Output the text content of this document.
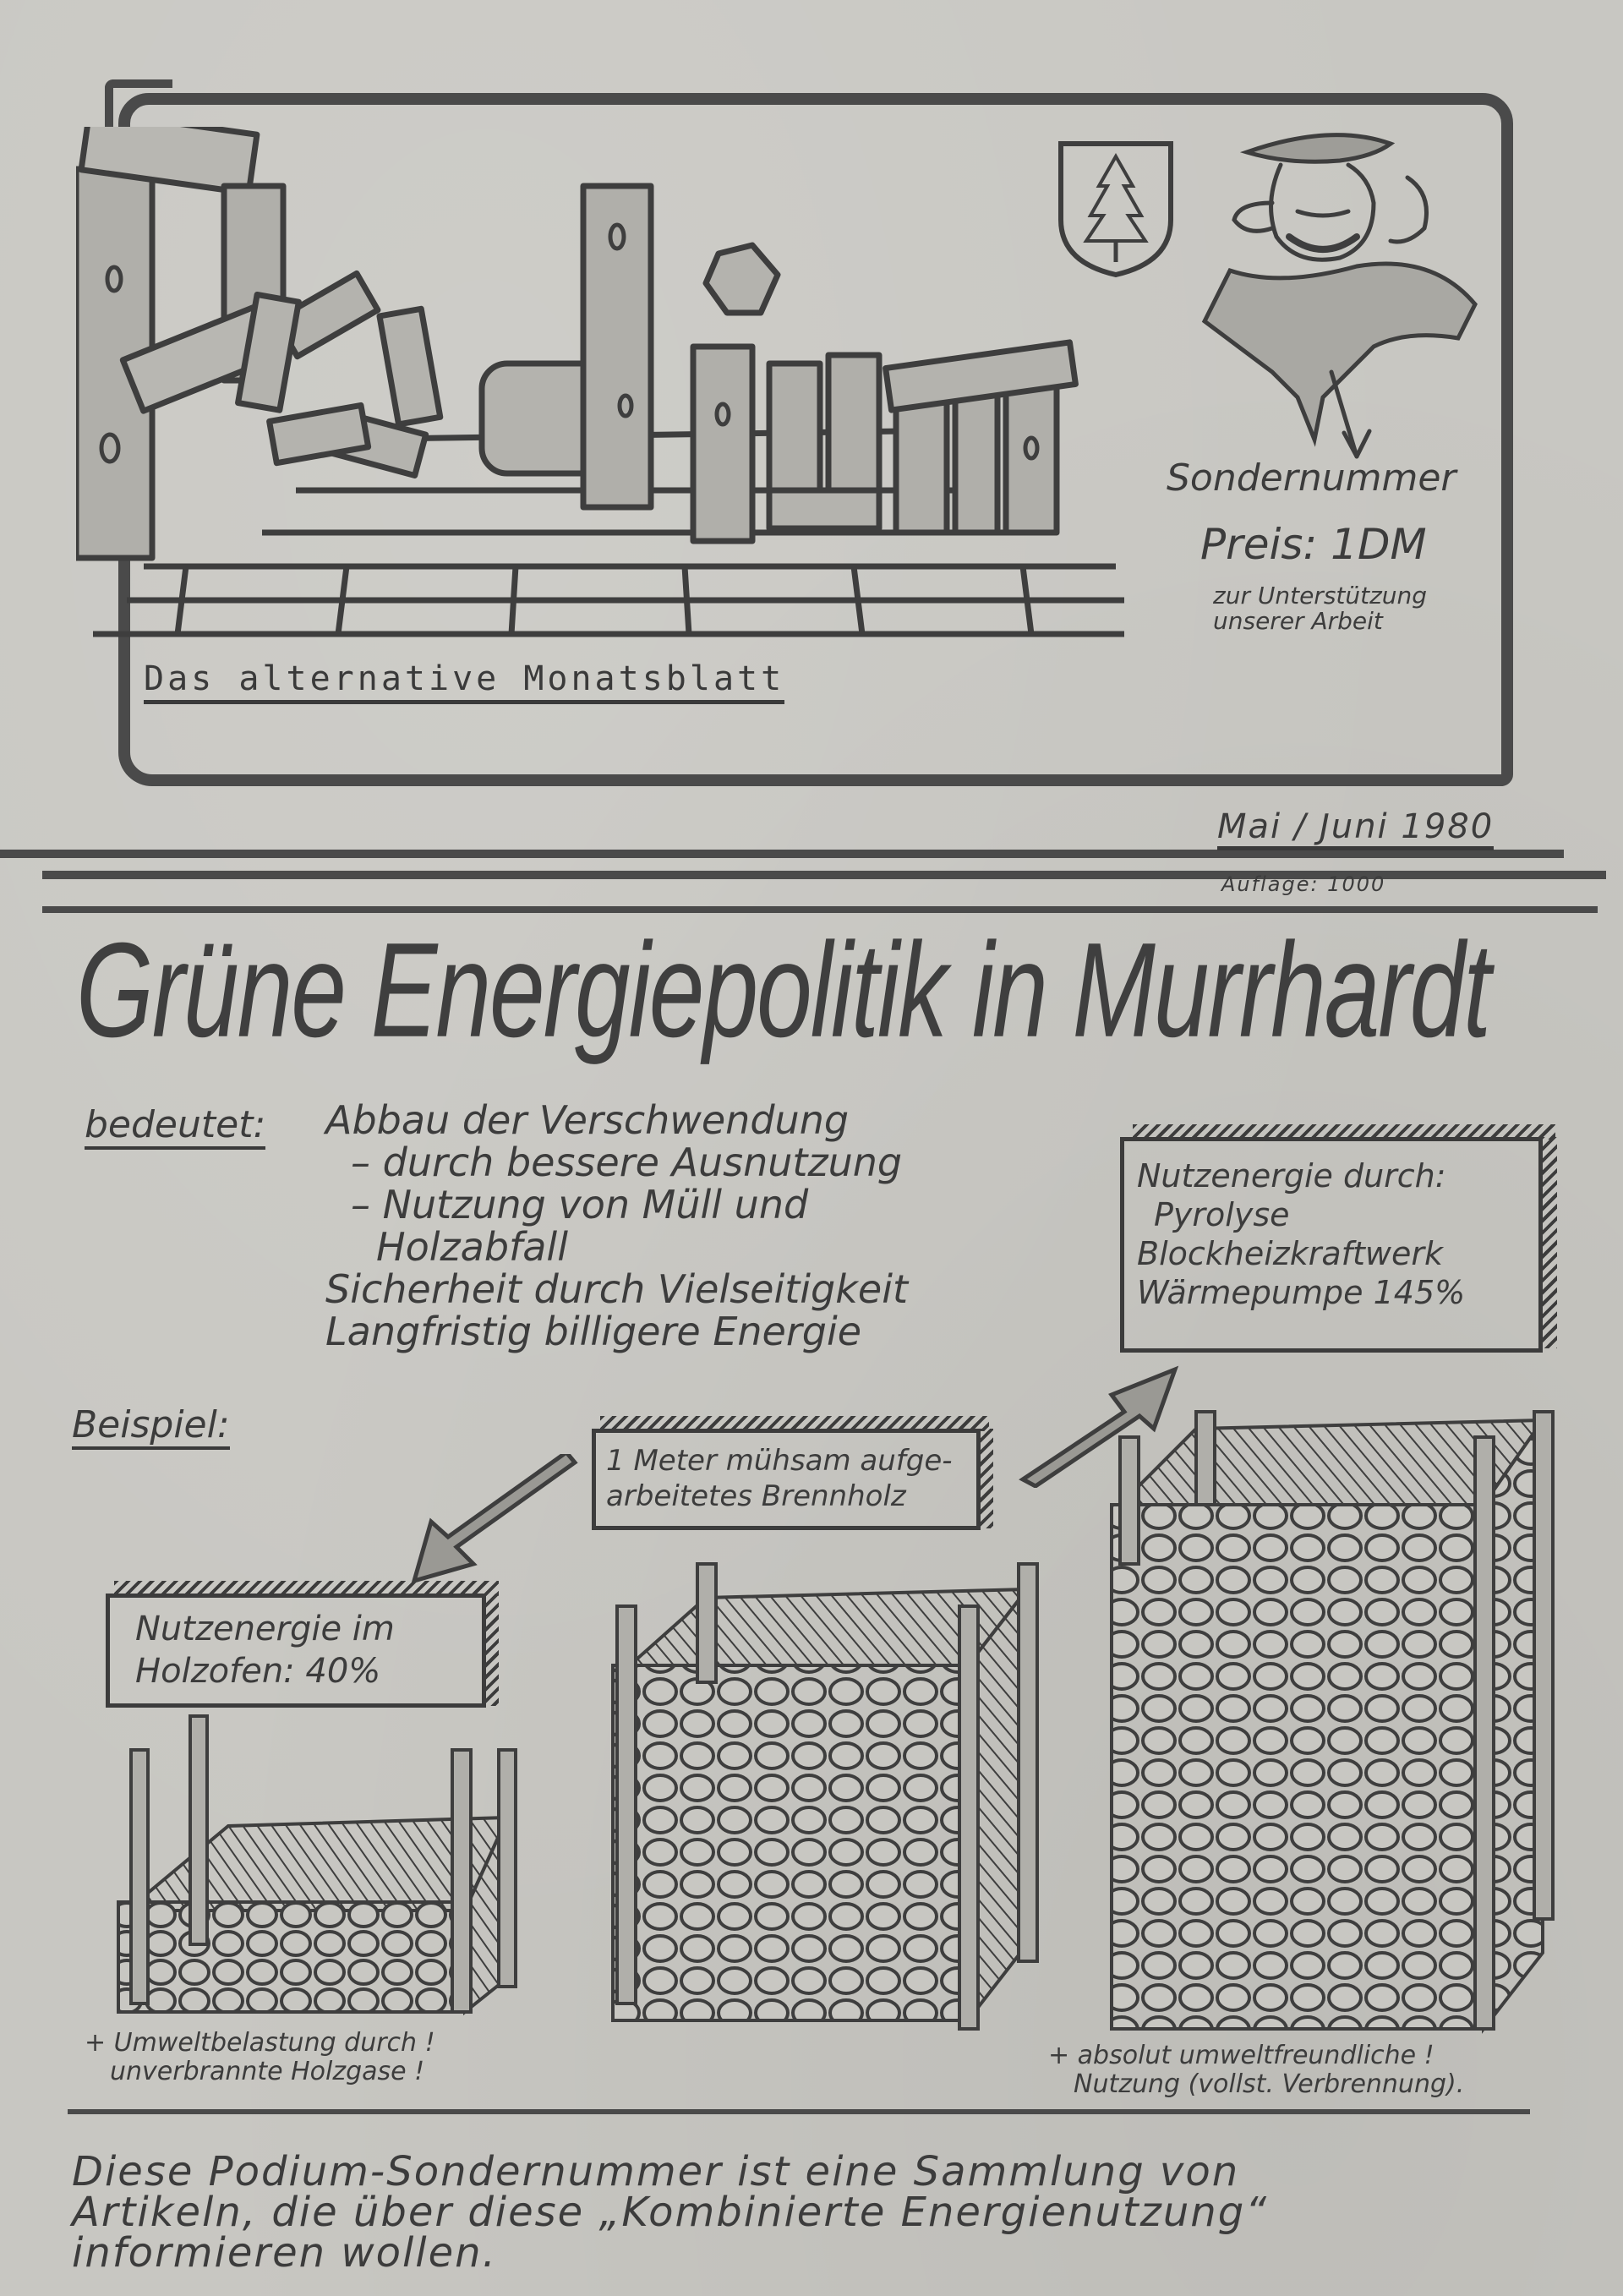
Das alternative Monatsblatt
Sondernummer
Preis: 1DM
zur Unterstützung
unserer Arbeit
Mai / Juni 1980
Auflage: 1000
Grüne Energiepolitik in Murrhardt
bedeutet: Abbau der Verschwendung
– durch bessere Ausnutzung
– Nutzung von Müll und
Holzabfall
Sicherheit durch Vielseitigkeit
Langfristig billigere Energie
Nutzenergie durch:
Pyrolyse
Blockheizkraftwerk
Wärmepumpe 145%
Beispiel:
1 Meter mühsam aufge-
arbeitetes Brennholz
Nutzenergie im
Holzofen: 40%
+ Umweltbelastung durch !
unverbrannte Holzgase !
+ absolut umweltfreundliche !
Nutzung (vollst. Verbrennung).
Diese Podium-Sondernummer ist eine Sammlung von
Artikeln, die über diese „Kombinierte Energienutzung“
informieren wollen.
